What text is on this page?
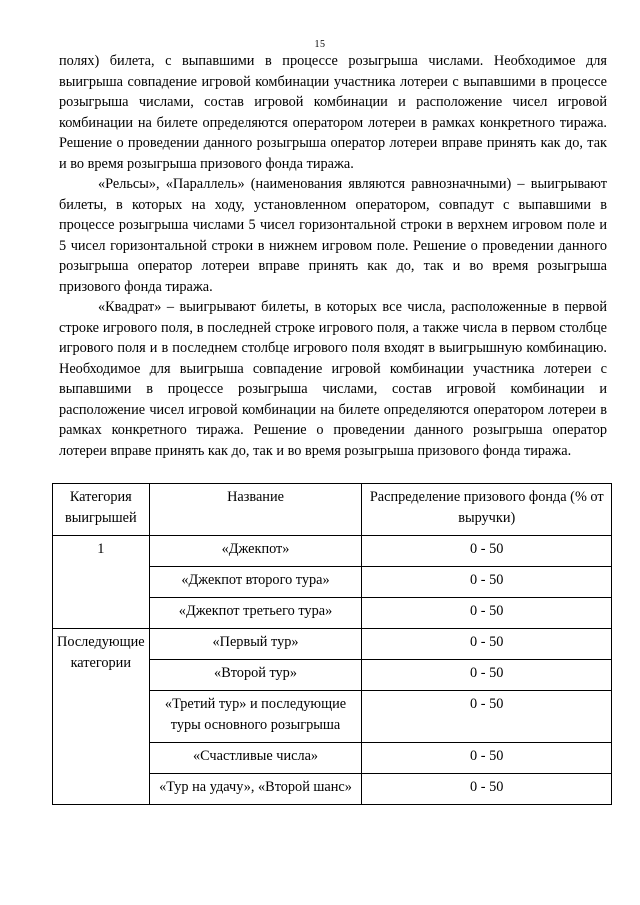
15

полях) билета, с выпавшими в процессе розыгрыша числами. Необходимое для выигрыша совпадение игровой комбинации участника лотереи с выпавшими в процессе розыгрыша числами, состав игровой комбинации и расположение чисел игровой комбинации на билете определяются оператором лотереи в рамках конкретного тиража. Решение о проведении данного розыгрыша оператор лотереи вправе принять как до, так и во время розыгрыша призового фонда тиража.

«Рельсы», «Параллель» (наименования являются равнозначными) – выигрывают билеты, в которых на ходу, установленном оператором, совпадут с выпавшими в процессе розыгрыша числами 5 чисел горизонтальной строки в верхнем игровом поле и 5 чисел горизонтальной строки в нижнем игровом поле. Решение о проведении данного розыгрыша оператор лотереи вправе принять как до, так и во время розыгрыша призового фонда тиража.

«Квадрат» – выигрывают билеты, в которых все числа, расположенные в первой строке игрового поля, в последней строке игрового поля, а также числа в первом столбце игрового поля и в последнем столбце игрового поля входят в выигрышную комбинацию. Необходимое для выигрыша совпадение игровой комбинации участника лотереи с выпавшими в процессе розыгрыша числами, состав игровой комбинации и расположение чисел игровой комбинации на билете определяются оператором лотереи в рамках конкретного тиража. Решение о проведении данного розыгрыша оператор лотереи вправе принять как до, так и во время розыгрыша призового фонда тиража.

Категория выигрышей	Название	Распределение призового фонда (% от выручки)
1	«Джекпот»	0 - 50
	«Джекпот второго тура»	0 - 50
	«Джекпот третьего тура»	0 - 50
Последующие категории	«Первый тур»	0 - 50
	«Второй тур»	0 - 50
	«Третий тур» и последующие туры основного розыгрыша	0 - 50
	«Счастливые числа»	0 - 50
	«Тур на удачу», «Второй шанс»	0 - 50
